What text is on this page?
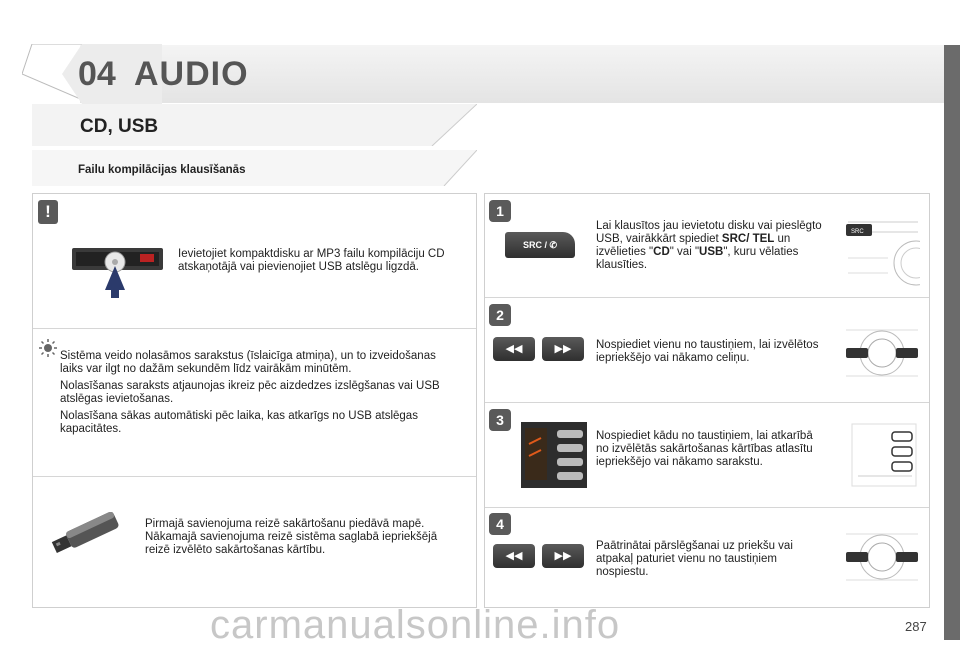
04 AUDIO
CD, USB
Failu kompilācijas klausīšanās
!
Ievietojiet kompaktdisku ar MP3 failu kompilāciju CD atskaņotājā vai pievienojiet USB atslēgu ligzdā.

Sistēma veido nolasāmos sarakstus (īslaicīga atmiņa), un to izveidošanas laiks var ilgt no dažām sekundēm līdz vairākām minūtēm.

Nolasīšanas saraksts atjaunojas ikreiz pēc aizdedzes izslēgšanas vai USB atslēgas ievietošanas.

Nolasīšana sākas automātiski pēc laika, kas atkarīgs no USB atslēgas kapacitātes.

Pirmajā savienojuma reizē sakārtošanu piedāvā mapē. Nākamajā savienojuma reizē sistēma saglabā iepriekšējā reizē izvēlēto sakārtošanas kārtību.
1
SRC / ✆
Lai klausītos jau ievietotu disku vai pieslēgto USB, vairākkārt spiediet SRC/ TEL un izvēlieties "CD" vai "USB", kuru vēlaties klausīties.
SRC
2
◀◀	▶▶	Nospiediet vienu no taustiņiem, lai izvēlētos iepriekšējo vai nākamo celiņu.
3
Nospiediet kādu no taustiņiem, lai atkarībā no izvēlētās sakārtošanas kārtības atlasītu iepriekšējo vai nākamo sarakstu.
4
◀◀	▶▶
Paātrinātai pārslēgšanai uz priekšu vai atpakaļ paturiet vienu no taustiņiem nospiestu.
carmanualsonline.info	287
